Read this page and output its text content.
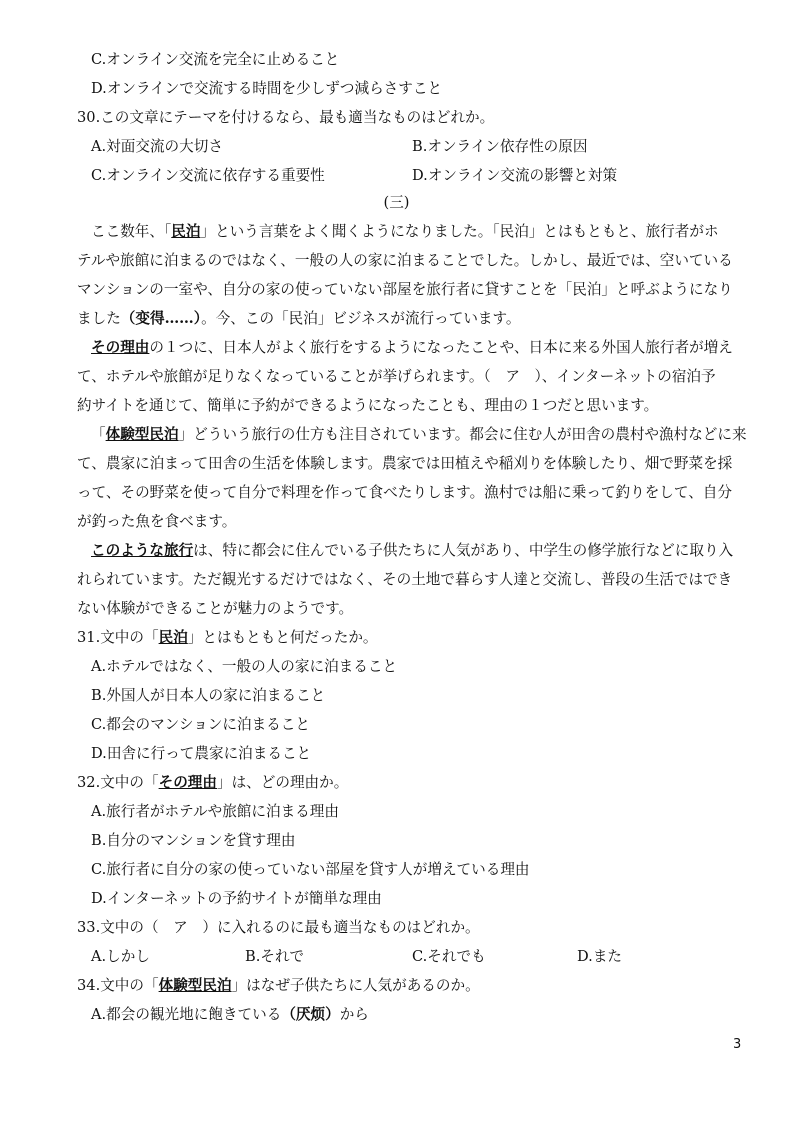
C.オンライン交流を完全に止めること
D.オンラインで交流する時間を少しずつ減らさすこと
30.この文章にテーマを付けるなら、最も適当なものはどれか。
A.対面交流の大切さ	B.オンライン依存性の原因
C.オンライン交流に依存する重要性	D.オンライン交流の影響と対策
(三)
ここ数年、「民泊」という言葉をよく聞くようになりました。「民泊」とはもともと、旅行者がホ
テルや旅館に泊まるのではなく、一般の人の家に泊まることでした。しかし、最近では、空いている
マンションの一室や、自分の家の使っていない部屋を旅行者に貸すことを「民泊」と呼ぶようになり
ました（变得……）。今、この「民泊」ビジネスが流行っています。
その理由の１つに、日本人がよく旅行をするようになったことや、日本に来る外国人旅行者が増え
て、ホテルや旅館が足りなくなっていることが挙げられます。（　ア　）、インターネットの宿泊予
約サイトを通じて、簡単に予約ができるようになったことも、理由の１つだと思います。
「体験型民泊」どういう旅行の仕方も注目されています。都会に住む人が田舎の農村や漁村などに来
て、農家に泊まって田舎の生活を体験します。農家では田植えや稲刈りを体験したり、畑で野菜を採
って、その野菜を使って自分で料理を作って食べたりします。漁村では船に乗って釣りをして、自分
が釣った魚を食べます。
このような旅行は、特に都会に住んでいる子供たちに人気があり、中学生の修学旅行などに取り入
れられています。ただ観光するだけではなく、その土地で暮らす人達と交流し、普段の生活ではでき
ない体験ができることが魅力のようです。
31.文中の「民泊」とはもともと何だったか。
A.ホテルではなく、一般の人の家に泊まること
B.外国人が日本人の家に泊まること
C.都会のマンションに泊まること
D.田舎に行って農家に泊まること
32.文中の「その理由」は、どの理由か。
A.旅行者がホテルや旅館に泊まる理由
B.自分のマンションを貸す理由
C.旅行者に自分の家の使っていない部屋を貸す人が増えている理由
D.インターネットの予約サイトが簡単な理由
33.文中の（　ア　）に入れるのに最も適当なものはどれか。
A.しかし	B.それで	C.それでも	D.また
34.文中の「体験型民泊」はなぜ子供たちに人気があるのか。
A.都会の観光地に飽きている（厌烦）から
3
